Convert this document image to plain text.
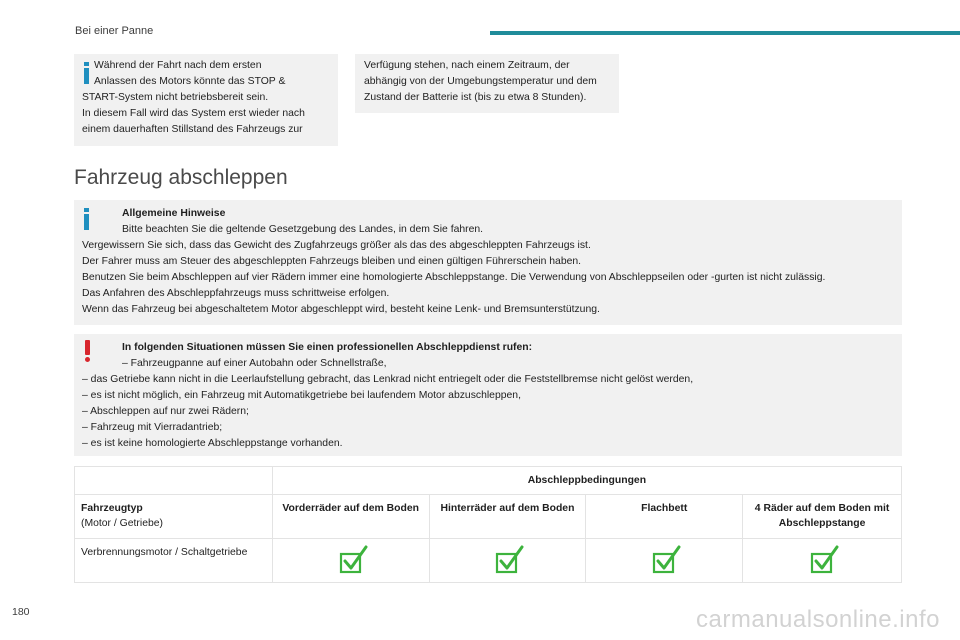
Bei einer Panne
Während der Fahrt nach dem ersten
Anlassen des Motors könnte das STOP &
START-System nicht betriebsbereit sein.
In diesem Fall wird das System erst wieder nach
einem dauerhaften Stillstand des Fahrzeugs zur
Verfügung stehen, nach einem Zeitraum, der
abhängig von der Umgebungstemperatur und dem
Zustand der Batterie ist (bis zu etwa 8 Stunden).
Fahrzeug abschleppen
Allgemeine Hinweise
Bitte beachten Sie die geltende Gesetzgebung des Landes, in dem Sie fahren.
Vergewissern Sie sich, dass das Gewicht des Zugfahrzeugs größer als das des abgeschleppten Fahrzeugs ist.
Der Fahrer muss am Steuer des abgeschleppten Fahrzeugs bleiben und einen gültigen Führerschein haben.
Benutzen Sie beim Abschleppen auf vier Rädern immer eine homologierte Abschleppstange. Die Verwendung von Abschleppseilen oder -gurten ist nicht zulässig.
Das Anfahren des Abschleppfahrzeugs muss schrittweise erfolgen.
Wenn das Fahrzeug bei abgeschaltetem Motor abgeschleppt wird, besteht keine Lenk- und Bremsunterstützung.
In folgenden Situationen müssen Sie einen professionellen Abschleppdienst rufen:
– Fahrzeugpanne auf einer Autobahn oder Schnellstraße,
– das Getriebe kann nicht in die Leerlaufstellung gebracht, das Lenkrad nicht entriegelt oder die Feststellbremse nicht gelöst werden,
– es ist nicht möglich, ein Fahrzeug mit Automatikgetriebe bei laufendem Motor abzuschleppen,
– Abschleppen auf nur zwei Rädern;
– Fahrzeug mit Vierradantrieb;
– es ist keine homologierte Abschleppstange vorhanden.
	Abschleppbedingungen			

Fahrzeugtyp
(Motor / Getriebe)	Vorderräder auf dem Boden	Hinterräder auf dem Boden	Flachbett	4 Räder auf dem Boden mit Abschleppstange
Verbrennungsmotor / Schaltgetriebe	

180	carmanualsonline.info
